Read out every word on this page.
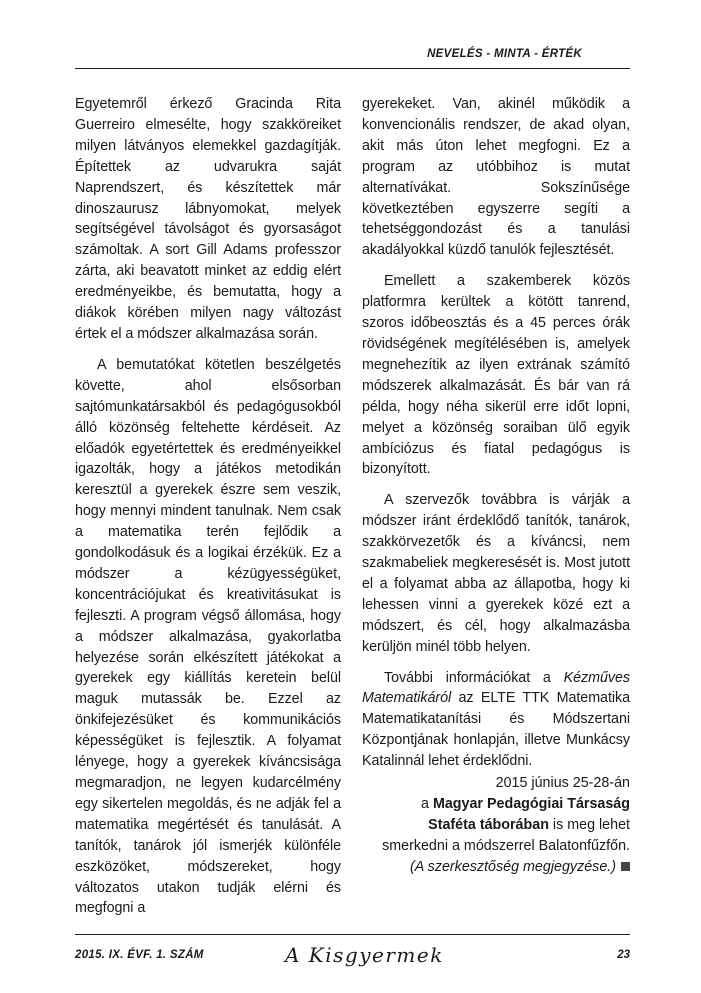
NEVELÉS - MINTA - ÉRTÉK

Egyetemről érkező Gracinda Rita Guerreiro elmesélte, hogy szakköreiket milyen látványos elemekkel gazdagítják. Építettek az udvarukra saját Naprendszert, és készítettek már dinoszaurusz lábnyomokat, melyek segítségével távolságot és gyorsaságot számoltak. A sort Gill Adams professzor zárta, aki beavatott minket az eddig elért eredményeikbe, és bemutatta, hogy a diákok körében milyen nagy változást értek el a módszer alkalmazása során.

A bemutatókat kötetlen beszélgetés követte, ahol elsősorban sajtómunkatársakból és pedagógusokból álló közönség feltehette kérdéseit. Az előadók egyetértettek és eredményeikkel igazolták, hogy a játékos metodikán keresztül a gyerekek észre sem veszik, hogy mennyi mindent tanulnak. Nem csak a matematika terén fejlődik a gondolkodásuk és a logikai érzékük. Ez a módszer a kézügyességüket, koncentrációjukat és kreativitásukat is fejleszti. A program végső állomása, hogy a módszer alkalmazása, gyakorlatba helyezése során elkészített játékokat a gyerekek egy kiállítás keretein belül maguk mutassák be. Ezzel az önkifejezésüket és kommunikációs képességüket is fejlesztik. A folyamat lényege, hogy a gyerekek kíváncsisága megmaradjon, ne legyen kudarcélmény egy sikertelen megoldás, és ne adják fel a matematika megértését és tanulását. A tanítók, tanárok jól ismerjék különféle eszközöket, módszereket, hogy változatos utakon tudják elérni és megfogni a

gyerekeket. Van, akinél működik a konvencionális rendszer, de akad olyan, akit más úton lehet megfogni. Ez a program az utóbbihoz is mutat alternatívákat. Sokszínűsége következtében egyszerre segíti a tehetséggondozást és a tanulási akadályokkal küzdő tanulók fejlesztését.

Emellett a szakemberek közös platformra kerültek a kötött tanrend, szoros időbeosztás és a 45 perces órák rövidségének megítélésében is, amelyek megnehezítik az ilyen extrának számító módszerek alkalmazását. És bár van rá példa, hogy néha sikerül erre időt lopni, melyet a közönség soraiban ülő egyik ambíciózus és fiatal pedagógus is bizonyított.

A szervezők továbbra is várják a módszer iránt érdeklődő tanítók, tanárok, szakkörvezetők és a kíváncsi, nem szakmabeliek megkeresését is. Most jutott el a folyamat abba az állapotba, hogy ki lehessen vinni a gyerekek közé ezt a módszert, és cél, hogy alkalmazásba kerüljön minél több helyen.

További információkat a Kézműves Matematikáról az ELTE TTK Matematika Matematikatanítási és Módszertani Központjának honlapján, illetve Munkácsy Katalinnál lehet érdeklődni.

2015 június 25-28-án
a Magyar Pedagógiai Társaság
Staféta táborában is meg lehet
smerkedni a módszerrel Balatonfűzfőn.
(A szerkesztőség megjegyzése.)
2015. IX. ÉVF. 1. SZÁM	A Kisgyermek	23
